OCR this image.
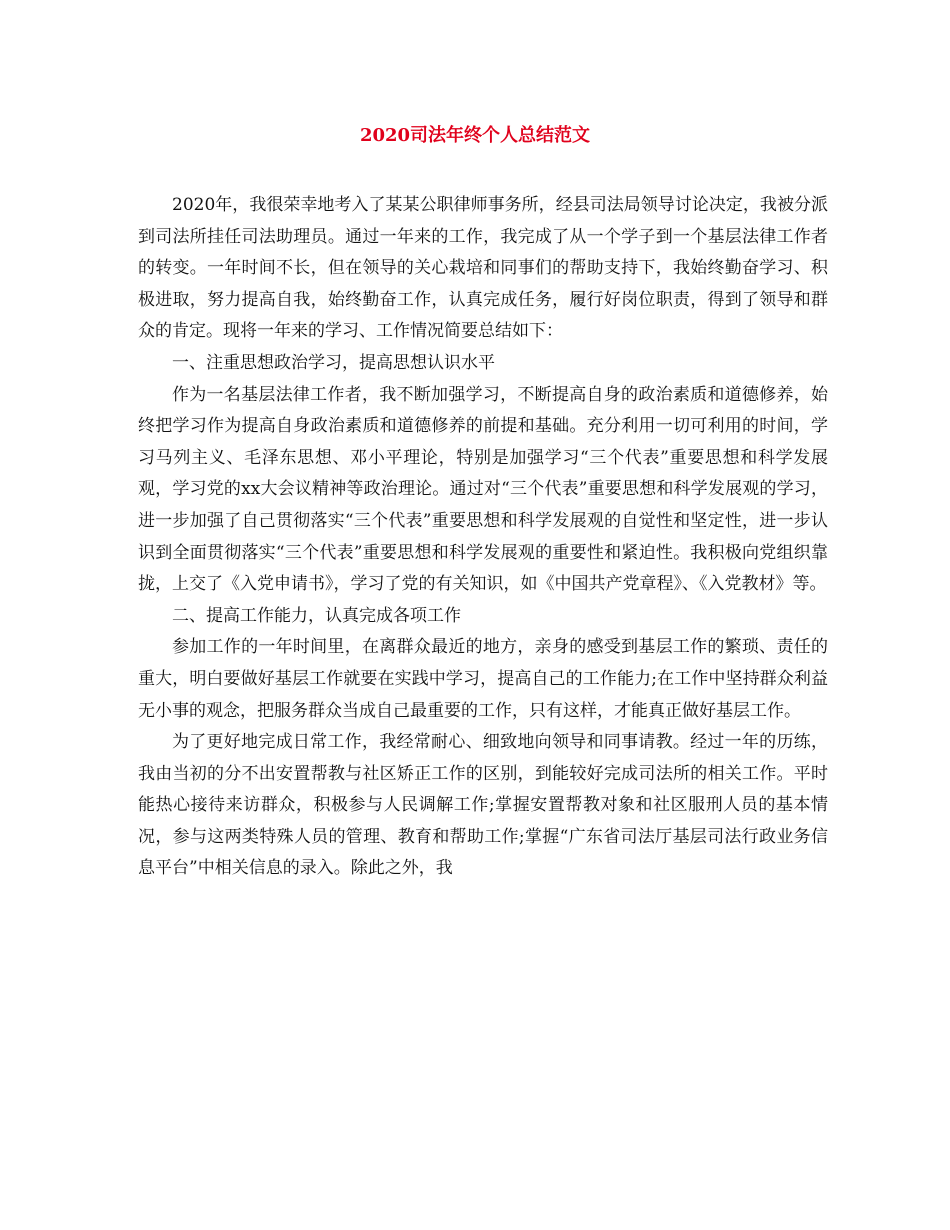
2020司法年终个人总结范文

2020年，我很荣幸地考入了某某公职律师事务所，经县司法局领导讨论决定，我被分派到司法所挂任司法助理员。通过一年来的工作，我完成了从一个学子到一个基层法律工作者的转变。一年时间不长，但在领导的关心栽培和同事们的帮助支持下，我始终勤奋学习、积极进取，努力提高自我，始终勤奋工作，认真完成任务，履行好岗位职责，得到了领导和群众的肯定。现将一年来的学习、工作情况简要总结如下：

一、注重思想政治学习，提高思想认识水平

作为一名基层法律工作者，我不断加强学习，不断提高自身的政治素质和道德修养，始终把学习作为提高自身政治素质和道德修养的前提和基础。充分利用一切可利用的时间，学习马列主义、毛泽东思想、邓小平理论，特别是加强学习“三个代表”重要思想和科学发展观，学习党的xx大会议精神等政治理论。通过对“三个代表”重要思想和科学发展观的学习，进一步加强了自己贯彻落实“三个代表”重要思想和科学发展观的自觉性和坚定性，进一步认识到全面贯彻落实“三个代表”重要思想和科学发展观的重要性和紧迫性。我积极向党组织靠拢，上交了《入党申请书》，学习了党的有关知识，如《中国共产党章程》、《入党教材》等。

二、提高工作能力，认真完成各项工作

参加工作的一年时间里，在离群众最近的地方，亲身的感受到基层工作的繁琐、责任的重大，明白要做好基层工作就要在实践中学习，提高自己的工作能力;在工作中坚持群众利益无小事的观念，把服务群众当成自己最重要的工作，只有这样，才能真正做好基层工作。

为了更好地完成日常工作，我经常耐心、细致地向领导和同事请教。经过一年的历练，我由当初的分不出安置帮教与社区矫正工作的区别，到能较好完成司法所的相关工作。平时能热心接待来访群众，积极参与人民调解工作;掌握安置帮教对象和社区服刑人员的基本情况，参与这两类特殊人员的管理、教育和帮助工作;掌握“广东省司法厅基层司法行政业务信息平台”中相关信息的录入。除此之外，我
